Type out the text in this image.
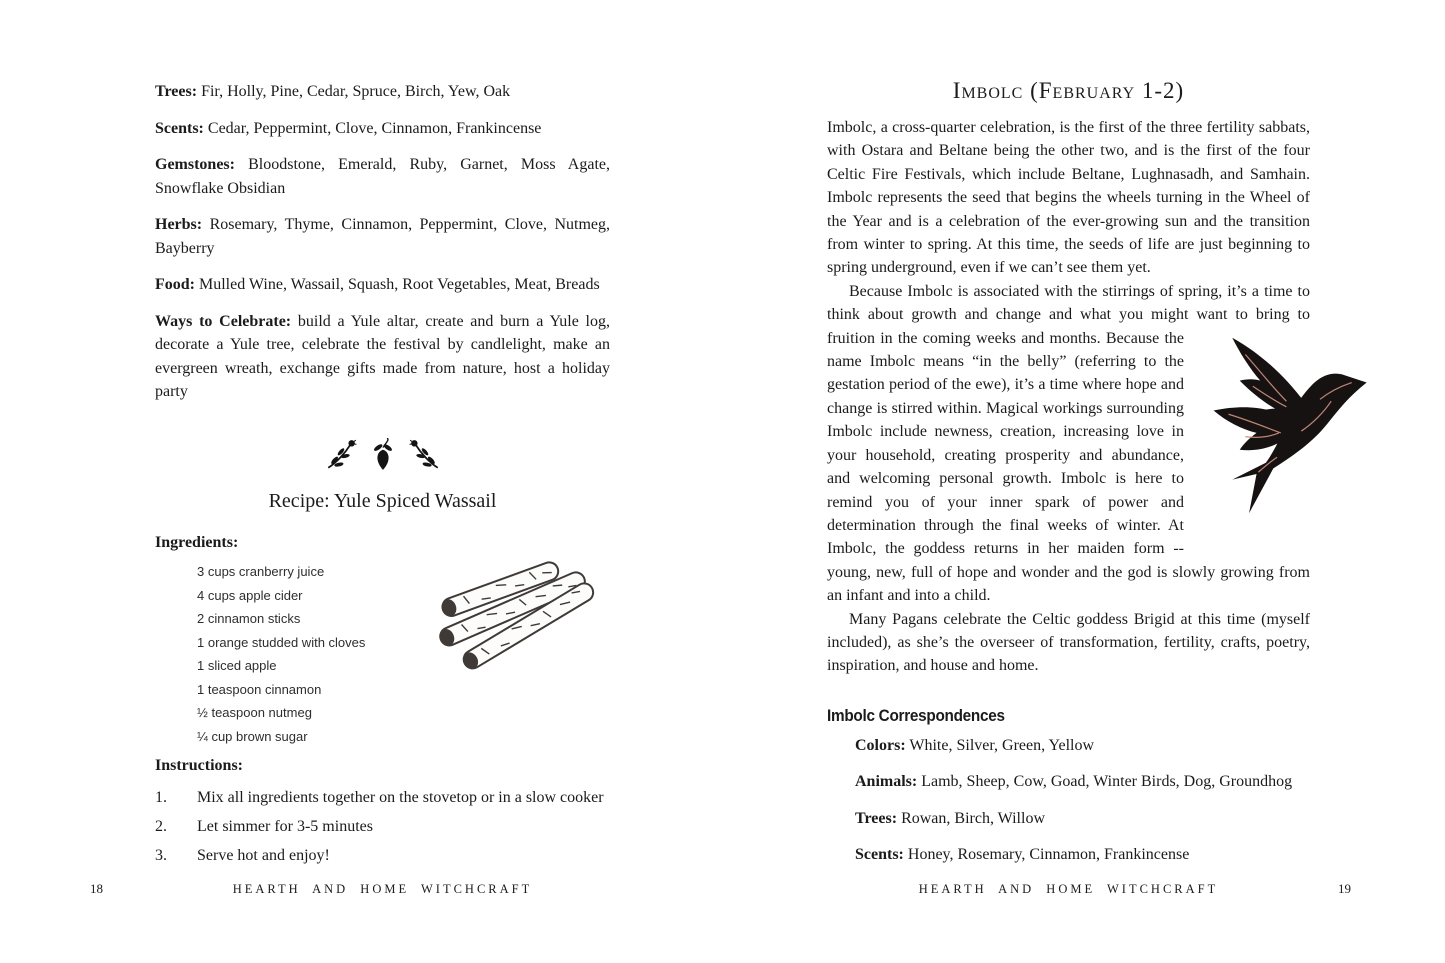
Trees: Fir, Holly, Pine, Cedar, Spruce, Birch, Yew, Oak

Scents: Cedar, Peppermint, Clove, Cinnamon, Frankincense

Gemstones: Bloodstone, Emerald, Ruby, Garnet, Moss Agate, Snowflake Obsidian

Herbs: Rosemary, Thyme, Cinnamon, Peppermint, Clove, Nutmeg, Bayberry

Food: Mulled Wine, Wassail, Squash, Root Vegetables, Meat, Breads

Ways to Celebrate: build a Yule altar, create and burn a Yule log, decorate a Yule tree, celebrate the festival by candlelight, make an evergreen wreath, exchange gifts made from nature, host a holiday party

Recipe: Yule Spiced Wassail

Ingredients:

3 cups cranberry juice
4 cups apple cider
2 cinnamon sticks
1 orange studded with cloves
1 sliced apple
1 teaspoon cinnamon
½ teaspoon nutmeg
¼ cup brown sugar

Instructions:

1.	Mix all ingredients together on the stovetop or in a slow cooker
2.	Let simmer for 3-5 minutes
3.	Serve hot and enjoy!
Imbolc (February 1-2)

Imbolc, a cross-quarter celebration, is the first of the three fertility sabbats, with Ostara and Beltane being the other two, and is the first of the four Celtic Fire Festivals, which include Beltane, Lughnasadh, and Samhain. Imbolc represents the seed that begins the wheels turning in the Wheel of the Year and is a celebration of the ever-growing sun and the transition from winter to spring. At this time, the seeds of life are just beginning to spring underground, even if we can’t see them yet.

Because Imbolc is associated with the stirrings of spring, it’s a time to think about growth and change and what you might want to bring to fruition in the coming weeks and months. Because the name Imbolc means “in the belly” (referring to the gestation period of the ewe), it’s a time where hope and change is stirred within. Magical workings surrounding Imbolc include newness, creation, increasing love in your household, creating prosperity and abundance, and welcoming personal growth. Imbolc is here to remind you of your inner spark of power and determination through the final weeks of winter. At Imbolc, the goddess returns in her maiden form -- young, new, full of hope and wonder and the god is slowly growing from an infant and into a child.

Many Pagans celebrate the Celtic goddess Brigid at this time (myself included), as she’s the overseer of transformation, fertility, crafts, poetry, inspiration, and house and home.

Imbolc Correspondences

Colors: White, Silver, Green, Yellow

Animals: Lamb, Sheep, Cow, Goad, Winter Birds, Dog, Groundhog

Trees: Rowan, Birch, Willow

Scents: Honey, Rosemary, Cinnamon, Frankincense

18	HEARTH AND HOME WITCHCRAFT	HEARTH AND HOME WITCHCRAFT	19
